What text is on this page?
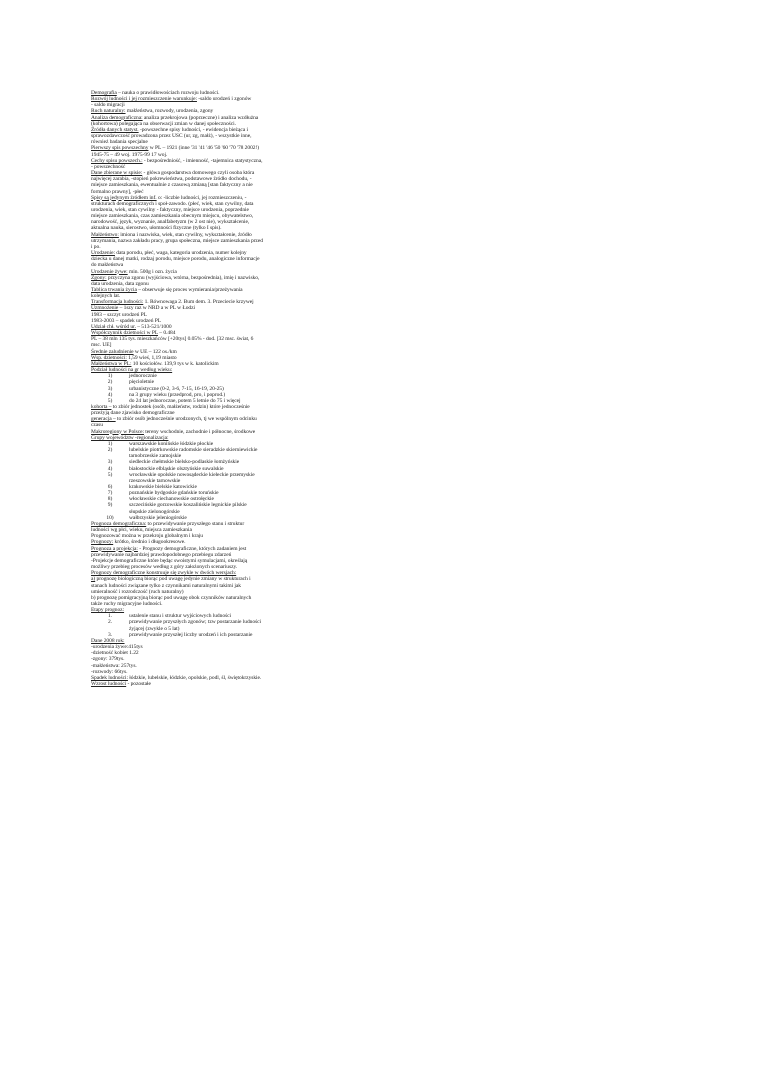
Demografia – nauka o prawidłowościach rozwoju ludności.
Rozwój ludności i jej rozmieszczenie warunkuje: -saldo urodzeń i zgonów
- saldo migracji
Ruch naturalny: małżeństwa, rozwody, urodzenia, zgony
Analiza demograficzna: analiza przekrojowa (poprzeczne) i analiza wzdłużna (kohortowa) polegająca na obserwacji zmian w danej społeczności.
Źródła danych statyst. -powszechne spisy ludności, - ewidencja bieżąca i sprawozdawczość prowadzona przez USC (ur, zg, małż), - wszystkie inne, również badania specjalne
Pierwszy spis powszechny w PL – 1921 (inne '31 '41 '46 '50 '60 '70 '78 2002!)
1945-75 – 49 woj. 1975-99 17 woj.
Cechy spisu powszech.: - bezpośredniość, - imienność, -tajemnica statystyczna, - powszechność
Dane zbierane w spisie: - główa gospodarstwa domowego czyli osoba która najwięcej zarabia, -stopień pokrewieństwa, podstawowe źródło dochodu, - miejsce zamieszkania, ewentualnie z czasową zmianą [stan faktyczny a nie formalno prawny], -płeć
Spisy są jedynym źródłem inf. o: -liczbie ludności, jej rozmieszczeniu, - strukturach demograficznych i społ-zawodo. (płeć, wiek, stan cywilny, data urodzenia, wiek, stan cywilny - faktyczny, miejsce urodzenia, poprzednie miejsce zamieszkania, czas zamieszkania obecnym miejscu, obywatelstwo, narodowość, język, wyznanie, analfabetyzm (w 2 ost nie), wykształcenie, aktualna nauka, sierostwo, ułomności fizyczne (tylko I spis).
Małżeństwo: imiona i nazwiska, wiek, stan cywilny, wykształcenie, źródło utrzymania, nazwa zakładu pracy, grupa społeczna, miejsce zamieszkania przed i po.
Urodzenie: data porodu, płeć, waga, kategoria urodzenia, numer kolejny dziecka u danej matki, rodzaj porodu, miejsce porodu, analogiczne informacje do małżeństwa
Urodzenie żywe: min. 500g i ozn. życia
Zgony: przyczyna zgonu (wyjściowa, wtórna, bezpośrednia), imię i nazwisko, data urodzenia, data zgonu
Tablica trwania życia – obserwuje się proces wymierania/przeżywania kolejnych lat.
Transformacja ludności: 1. Równowaga 2. Bum dem. 3. Przeciecie krzywej
Uzmnożenie – 1szy raz w NRD a w PL w Łodzi
1983 – szczyt urodzeń PL
1983-2003 – spadek urodzeń PL
Udział chł. wśród ur. – 513-521/1000
Współczynnik dzietności w PL – 0.484
PL – 38 mln 135 tys. mieszkańców [+20tys] 0.05% - dod. [32 msc. świat, 6 msc. UE]
Średnie zaludnienie w UE – 122 os./km
Wsp. dzietności: 1,59 wieś, 1,19 miasto
Małżeństwa w PL: 10 kościołów. 139,9 tys w k. katolickim
Podział ludności na gr według wieku:
1)	jednorocznie
2)	pięcioletnie
3)	urbanistyczne (0-2, 3-6, 7-15, 16-19, 20-25)
4)	na 3 grupy wieku (przedprod, pro, i poprod.)
5)	do 24 lat jednoroczne, potem 5 letnie do 75 i więcej
kohorta – to zbiór jednostek (osób, małżeństw, rodzin) które jednocześnie przeżyją dane zjawisko demograficzne
generacja – to zbiór osób jednocześnie urodzonych, tj we wspólnym odcinku czasu
Makroregiony w Polsce: tereny wschodnie, zachodnie i północne, środkowe
Grupy województw -regionalizacja:
1)	warszawskie konińskie łódzkie płockie
2)	lubelskie piotrkowskie radomskie sieradzkie skierniewickie tarnobrzeskie zamojskie
3)	siedleckie chełmskie bielsko-podlaskie łomżyńskie
4)	białostockie elbląskie olsztyńskie suwalskie
5)	wrocławskie opolskie nowosądeckie kieleckie przemyskie rzeszowskie tarnowskie
6)	krakowskie bielskie katowickie
7)	poznańskie bydgoskie gdańskie toruńskie
8)	włocławskie ciechanowskie ostrołęckie
9)	szczecińskie gorzowskie koszalińskie legnickie pilskie słupskie zielonogórskie
10)	wałbrzyskie jeleniogórskie
Prognoza demograficzna: to przewidywanie przyszłego stanu i struktur ludności wg płci, wieku, miejsca zamieszkania
Prognozować można w przekroju globalnym i kraju
Prognozy: krótko, średnio i długookresowe.
Prognoza a projekcja: - Prognozy demograficzne, których zadaniem jest przewidywanie najbardziej prawdopodobnego przebiegu zdarzeń
-Projekcje demograficzne które będąc swoistymi symulacjami, określają możliwy przebieg procesów według z góry założonych scenariuszy.
Prognozy demograficzne konstruuje się zwykle w dwóch wersjach:
a) prognozę biologiczną biorąc pod uwagę jedynie zmiany w strukturach i stanach ludności związane tylko z czynnikami naturalnymi takimi jak umieralność i rozrodczość (ruch naturalny)
b) prognozę pomigracyjną biorąc pod uwagę obok czynników naturalnych także ruchy migracyjne ludności.
Etapy prognoz:
1.	ustalenie stanu i struktur wyjściowych ludności
2.	przewidywanie przyszłych zgonów; tzw postarzanie ludności żyjącej (zwykle o 5 lat)
3.	przewidywanie przyszłej liczby urodzeń i ich postarzanie
Dane 2008 rok:
-urodzenia żywe:415tys
-dzietność kobiet 1.22
-zgony: 379tys.
-małżeństwa: 257tys.
-rozwody: 66tys.
Spadek ludności: łódzkie, lubelskie, łódzkie, opolskie, podl, śl, świętokrzyskie.
Wzrost ludności - pozostałe
